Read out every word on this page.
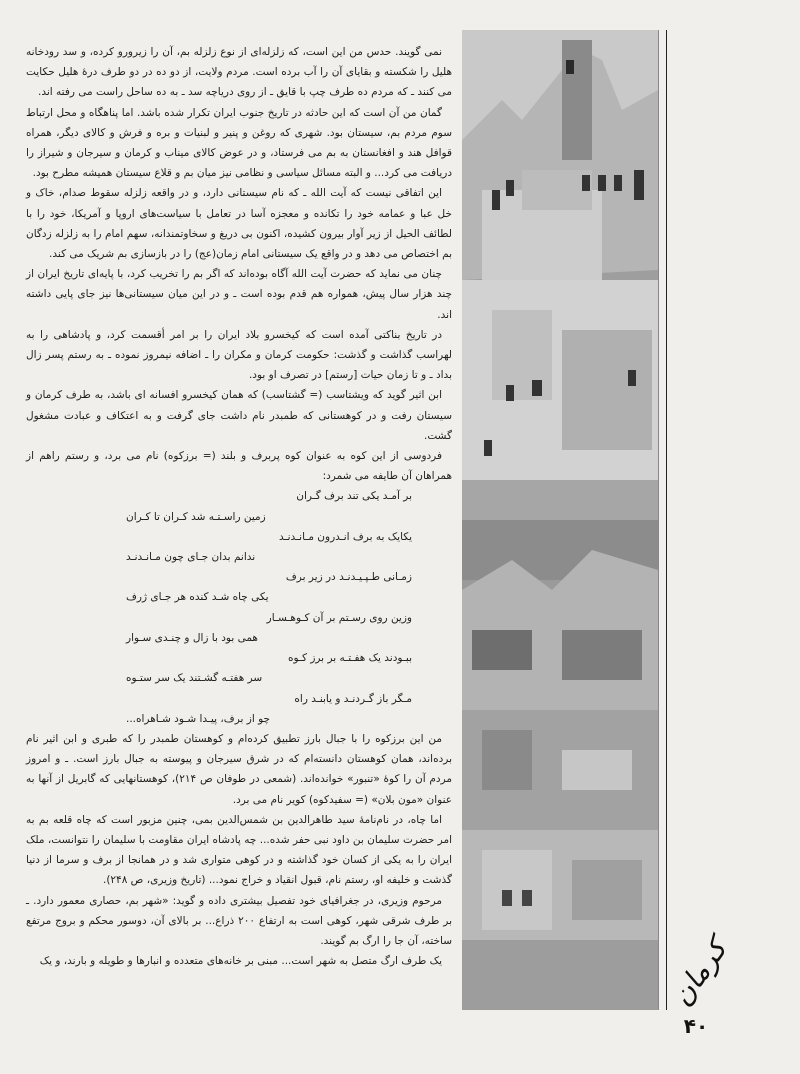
نمی گویند. حدس من این است، که زلزله‌ای از نوع زلزله بم، آن را زیرورو کرده، و سد رودخانه هلیل را شکسته و بقایای آن را آب برده است. مردم ولایت، از دو ده در دو طرف درهٔ هلیل حکایت می کنند ـ که مردم ده طرف چپ با قایق ـ از روی دریاچه سد ـ به ده ساحل راست می رفته اند.

گمان من آن است که این حادثه در تاریخ جنوب ایران تکرار شده باشد. اما پناهگاه و محل ارتباط سوم مردم بم، سیستان بود. شهری که روغن و پنیر و لبنیات و بره و فرش و کالای دیگر، همراه قوافل هند و افغانستان به بم می فرستاد، و در عوض کالای میناب و کرمان و سیرجان و شیراز را دریافت می کرد... و البته مسائل سیاسی و نظامی نیز میان بم و قلاع سیستان همیشه مطرح بود.

این اتفاقی نیست که آیت الله ـ که نام سیستانی دارد، و در واقعه زلزله سقوط صدام، خاک و خل عبا و عمامه خود را تکانده و معجزه آسا در تعامل با سیاست‌های اروپا و آمریکا، خود را با لطائف الحیل از زیر آوار بیرون کشیده، اکنون بی دریغ و سخاوتمندانه، سهم امام را به زلزله زدگان بم اختصاص می دهد و در واقع یک سیستانی امام زمان(عج) را در بازسازی بم شریک می کند.

چنان می نماید که حضرت آیت الله آگاه بوده‌اند که اگر بم را تخریب کرد، با پایه‌ای تاریخ ایران از چند هزار سال پیش، همواره هم قدم بوده است ـ و در این میان سیستانی‌ها نیز جای پایی داشته اند.

در تاریخ بناکتی آمده است که کیخسرو بلاد ایران را بر امر أقسمت کرد، و پادشاهی را به لهراسب گذاشت و گذشت: حکومت کرمان و مکران را ـ اضافه نیمروز نموده ـ به رستم پسر زال بداد ـ و تا زمان حیات [رستم] در تصرف او بود.

ابن اثیر گوید که ویشتاسب (= گشتاسب) که همان کیخسرو افسانه ای باشد، به طرف کرمان و سیستان رفت و در کوهستانی که طمبدر نام داشت جای گرفت و به اعتکاف و عبادت مشغول گشت.

فردوسی از این کوه به عنوان کوه پربرف و بلند (= برزکوه) نام می برد، و رستم راهم از همراهان آن طایفه می شمرد:

بر آمـد یکی تند برف گـران
زمین راسـتـه شد کـران تا کـران
یکایک به برف انـدرون مـانـدنـد
ندانم بدان جـای چون مـانـدنـد
زمـانی طـپـیـدنـد در زیر برف
یکی چاه شـد کنده هر جـای ژرف
وزین روی رسـتم بر آن کـوهـسـار
همی بود با زال و چنـدی سـوار
ببـودند یک هفـتـه بر برز کـوه
سر هفتـه گشـتند یک سر ستـوه
مـگر باز گـردنـد و یابنـد راه
چو از برف، پیـدا شـود شـاهراه...

من این برزکوه را با جبال بارز تطبیق کرده‌ام و کوهستان طمبدر را که طبری و ابن اثیر نام برده‌اند، همان کوهستان دانسته‌ام که در شرق سیرجان و پیوسته به جبال بارز است. ـ و امروز مردم آن را کوهٔ «تنبور» خوانده‌اند. (شمعی در طوفان ص ۲۱۴)، کوهستانهایی که گابریل از آنها به عنوان «مون بلان» (= سفیدکوه) کویر نام می برد.

اما چاه، در نام‌نامهٔ سید طاهرالدین بن شمس‌الدین بمی، چنین مزبور است که چاه قلعه بم به امر حضرت سلیمان بن داود نبی حفر شده... چه پادشاه ایران مقاومت با سلیمان را نتوانست، ملک ایران را به یکی از کسان خود گذاشته و در کوهی متواری شد و در همانجا از برف و سرما از دنیا گذشت و خلیفه او، رستم نام، قبول انقیاد و خراج نمود... (تاریخ وزیری، ص ۲۴۸).

مرحوم وزیری، در جغرافیای خود تفصیل بیشتری داده و گوید: «شهر بم، حصاری معمور دارد. ـ بر طرف شرقی شهر، کوهی است به ارتفاع ۲۰۰ ذراع... بر بالای آن، دوسور محکم و بروج مرتفع ساخته، آن جا را ارگ بم گویند.

یک طرف ارگ متصل به شهر است... مبنی بر خانه‌های متعدده و انبارها و طویله و بارند، و یک	کرمان
۴۰
